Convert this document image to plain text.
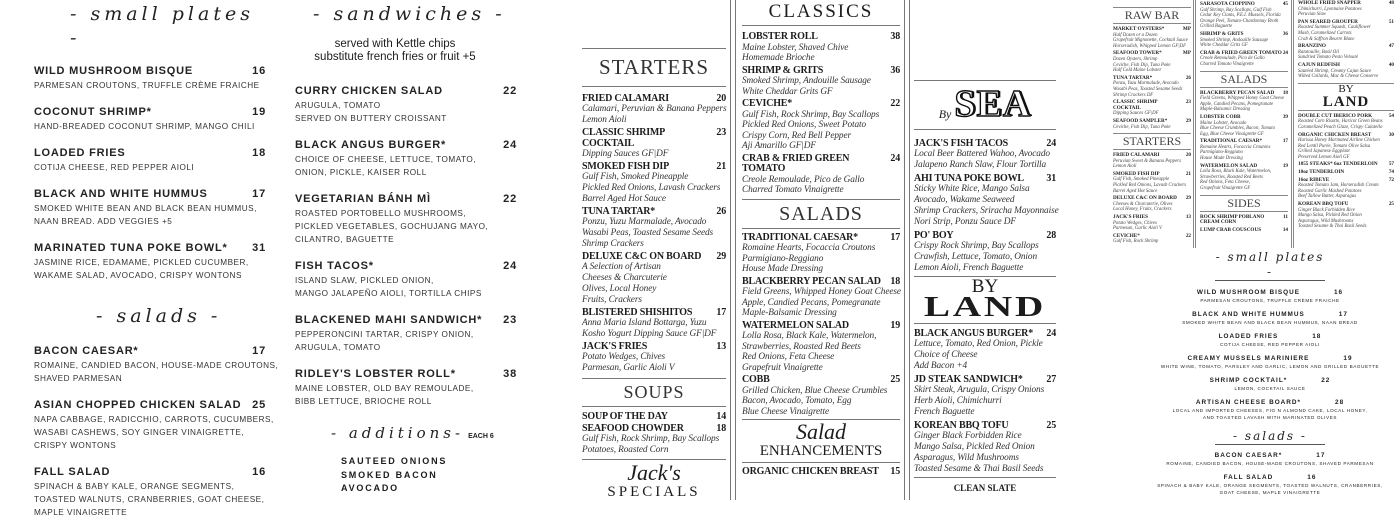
- small plates -
WILD MUSHROOM BISQUE	16
PARMESAN CROUTONS, TRUFFLE CRÈME FRAICHE
COCONUT SHRIMP*	19
HAND-BREADED COCONUT SHRIMP, MANGO CHILI
LOADED FRIES	18
COTIJA CHEESE, RED PEPPER AIOLI
BLACK AND WHITE HUMMUS	17
SMOKED WHITE BEAN AND BLACK BEAN HUMMUS,
NAAN BREAD. ADD VEGGIES +5
MARINATED TUNA POKE BOWL* 31
JASMINE RICE, EDAMAME, PICKLED CUCUMBER,
WAKAME SALAD, AVOCADO, CRISPY WONTONS
- salads -
BACON CAESAR*	17
ROMAINE, CANDIED BACON, HOUSE-MADE CROUTONS,
SHAVED PARMESAN
ASIAN CHOPPED CHICKEN SALAD 25
NAPA CABBAGE, RADICCHIO, CARROTS, CUCUMBERS,
WASABI CASHEWS, SOY GINGER VINAIGRETTE,
CRISPY WONTONS
FALL SALAD	16
SPINACH & BABY KALE, ORANGE SEGMENTS,
TOASTED WALNUTS, CRANBERRIES, GOAT CHEESE,
MAPLE VINAIGRETTE
- sandwiches -
served with Kettle chips
substitute french fries or fruit +5
CURRY CHICKEN SALAD	22
ARUGULA, TOMATO
SERVED ON BUTTERY CROISSANT
BLACK ANGUS BURGER*	24
CHOICE OF CHEESE, LETTUCE, TOMATO,
ONION, PICKLE, KAISER ROLL
VEGETARIAN BÁNH MÌ	22
ROASTED PORTOBELLO MUSHROOMS,
PICKLED VEGETABLES, GOCHUJANG MAYO,
CILANTRO, BAGUETTE
FISH TACOS*	24
ISLAND SLAW, PICKLED ONION,
MANGO JALAPEÑO AIOLI, TORTILLA CHIPS
BLACKENED MAHI SANDWICH* 23
PEPPERONCINI TARTAR, CRISPY ONION,
ARUGULA, TOMATO
RIDLEY'S LOBSTER ROLL*	38
MAINE LOBSTER, OLD BAY REMOULADE,
BIBB LETTUCE, BRIOCHE ROLL
- additions- EACH 6
SAUTEED ONIONS
SMOKED BACON
AVOCADO
STARTERS
FRIED CALAMARI	20
Calamari, Peruvian & Banana Peppers
Lemon Aioli
CLASSIC SHRIMP COCKTAIL
23
Dipping Sauces GF|DF
SMOKED FISH DIP	21
Gulf Fish, Smoked Pineapple
Pickled Red Onions, Lavash Crackers
Barrel Aged Hot Sauce
TUNA TARTAR*	26
Ponzu, Yuzu Marmalade, Avocado
Wasabi Peas, Toasted Sesame Seeds
Shrimp Crackers
DELUXE C&C ON BOARD 29
A Selection of Artisan
Cheeses & Charcuterie
Olives, Local Honey
Fruits, Crackers
BLISTERED SHISHITOS 17
Anna Maria Island Bottarga, Yuzu
Kosho Yogurt Dipping Sauce GF|DF
JACK'S FRIES	13
Potato Wedges, Chives
Parmesan, Garlic Aioli V
SOUPS
SOUP OF THE DAY	14
SEAFOOD CHOWDER	18
Gulf Fish, Rock Shrimp, Bay Scallops
Potatoes, Roasted Corn
Jack's
SPECIALS
CLASSICS
LOBSTER ROLL	38
Maine Lobster, Shaved Chive
Homemade Brioche
SHRIMP & GRITS	36
Smoked Shrimp, Andouille Sausage
White Cheddar Grits GF
CEVICHE*	22
Gulf Fish, Rock Shrimp, Bay Scallops
Pickled Red Onions, Sweet Potato
Crispy Corn, Red Bell Pepper
Aji Amarillo GF|DF
CRAB & FRIED GREEN TOMATO
24
Creole Remoulade, Pico de Gallo
Charred Tomato Vinaigrette
SALADS
TRADITIONAL CAESAR*	17
Romaine Hearts, Focaccia Croutons
Parmigiano-Reggiano
House Made Dressing
BLACKBERRY PECAN SALAD 18
Field Greens, Whipped Honey Goat Cheese
Apple, Candied Pecans, Pomegranate
Maple-Balsamic Dressing
WATERMELON SALAD	19
Lolla Rosa, Black Kale, Watermelon,
Strawberries, Roasted Red Beets
Red Onions, Feta Cheese
Grapefruit Vinaigrette
COBB	25
Grilled Chicken, Blue Cheese Crumbles
Bacon, Avocado, Tomato, Egg
Blue Cheese Vinaigrette
Salad
ENHANCEMENTS
ORGANIC CHICKEN BREAST 15
By SEA
JACK'S FISH TACOS	24
Local Beer Battered Wahoo, Avocado
Jalapeno Ranch Slaw, Flour Tortilla
AHI TUNA POKE BOWL 31
Sticky White Rice, Mango Salsa
Avocado, Wakame Seaweed
Shrimp Crackers, Sriracha Mayonnaise
Nori Strip, Ponzu Sauce DF
PO' BOY	28
Crispy Rock Shrimp, Bay Scallops
Crawfish, Lettuce, Tomato, Onion
Lemon Aioli, French Baguette
BY
LAND
BLACK ANGUS BURGER* 24
Lettuce, Tomato, Red Onion, Pickle
Choice of Cheese
Add Bacon +4
JD STEAK SANDWICH* 27
Skirt Steak, Arugula, Crispy Onions
Herb Aioli, Chimichurri
French Baguette
KOREAN BBQ TOFU	25
Ginger Black Forbidden Rice
Mango Salsa, Pickled Red Onion
Asparagus, Wild Mushrooms
Toasted Sesame & Thai Basil Seeds
CLEAN SLATE
RAW BAR
MARKET OYSTERS*	MP
Half Dozen or a Dozen
Grapefruit Mignonette, Cocktail Sauce
Horseradish, Whipped Lemon GF|DF
SEAFOOD TOWER*	MP
Dozen Oysters, Shrimp
Ceviche, Fish Dip, Tuna Poke
Half Cold Maine Lobster
TUNA TARTAR*	26
Ponzu, Yuzu Marmalade, Avocado
Wasabi Peas, Toasted Sesame Seeds
Shrimp Crackers DF
CLASSIC SHRIMP COCKTAIL
23
Dipping Sauces GF|DF
SEAFOOD SAMPLER*	29
Ceviche, Fish Dip, Tuna Poke
STARTERS
FRIED CALAMARI	20
Peruvian Sweet & Banana Peppers
Lemon Aioli
SMOKED FISH DIP	21
Gulf Fish, Smoked Pineapple
Pickled Red Onions, Lavash Crackers
Barrel Aged Hot Sauce
DELUXE C&C ON BOARD 29
Cheeses & Charcuterie, Olives
Local Honey, Fruits, Crackers
JACK'S FRIES	13
Potato Wedges, Chives
Parmesan, Garlic Aioli V
CEVICHE*	22
Gulf Fish, Rock Shrimp
SARASOTA CIOPPINO	45
Gulf Shrimp, Bay Scallops, Gulf Fish
Cedar Key Clams, P.E.I. Mussels, Florida
Orange Peel, Tomato-Chardonnay Broth
Grilled Baguette
SHRIMP & GRITS	36
Smoked Shrimp, Andouille Sausage
White Cheddar Grits GF
CRAB & FRIED GREEN TOMATO 24
Creole Remoulade, Pico de Gallo
Charred Tomato Vinaigrette
SALADS
BLACKBERRY PECAN SALAD 18
Field Greens, Whipped Honey Goat Cheese
Apple, Candied Pecans, Pomegranate
Maple-Balsamic Dressing
LOBSTER COBB	39
Maine Lobster, Avocado
Blue Cheese Crumbles, Bacon, Tomato
Egg, Blue Cheese Vinaigrette GF
TRADITIONAL CAESAR*	17
Romaine Hearts, Focaccia Croutons
Parmigiano-Reggiano
House Made Dressing
WATERMELON SALAD	19
Lolla Rosa, Black Kale, Watermelon,
Strawberries, Roasted Red Beets
Red Onions, Feta Cheese,
Grapefruit Vinaigrette GF
SIDES
ROCK SHRIMP POBLANO CREAM CORN
11
LUMP CRAB COUSCOUS	14
WHOLE FRIED SNAPPER	48
Chimichurri, Lyonnaise Potatoes
Peruvian Slaw
PAN SEARED GROUPER	51
Roasted Summer Squash, Cauliflower
Mash, Caramelized Carrots
Crab & Saffron Beurre Blanc
BRANZINO	47
Ratatouille, Basil Oil
Sundried Tomato Pesto Velouté
CAJUN REDFISH	40
Sautéed Shrimp, Creamy Cajun Sauce
Wilted Collards, Mac & Cheese Conserve
BY
LAND
DOUBLE CUT IBERICO PORK	54
Roasted Corn Risotto, Haricot Green Beans
Caramelized Peach Glaze, Crispy Culatello
ORGANIC CHICKEN BREAST	30
Harissa Honey Marinated Airline Chicken
Red Lentil Purée, Tomato Olive Salsa
Grilled Japanese Eggplant
Preserved Lemon Aioli GF
1855 STEAKS* 6oz TENDERLOIN 57
10oz TENDERLOIN	74
16oz RIBEYE	72
Roasted Tomato Jam, Horseradish Cream
Roasted Garlic Mashed Potatoes
Beef Tallow Butter, Asparagus
KOREAN BBQ TOFU	25
Ginger Black Forbidden Rice
Mango Salsa, Pickled Red Onion
Asparagus, Wild Mushrooms
Toasted Sesame & Thai Basil Seeds
- small plates -
WILD MUSHROOM BISQUE	16
PARMESAN CROUTONS, TRUFFLE CRÈME FRAICHE
BLACK AND WHITE HUMMUS	17
SMOKED WHITE BEAN AND BLACK BEAN HUMMUS, NAAN BREAD
LOADED FRIES	18
COTIJA CHEESE, RED PEPPER AIOLI
CREAMY MUSSELS MARINIERE	19
WHITE WINE, TOMATO, PARSLEY AND GARLIC, LEMON AND GRILLED BAGUETTE
SHRIMP COCKTAIL*	22
LEMON, COCKTAIL SAUCE
ARTISAN CHEESE BOARD*	28
LOCAL AND IMPORTED CHEESES, FIG N ALMOND CAKE, LOCAL HONEY,
AND TOASTED LAVASH WITH MARINATED OLIVES
- salads -
BACON CAESAR*	17
ROMAINE, CANDIED BACON, HOUSE-MADE CROUTONS, SHAVED PARMESAN
FALL SALAD	16
SPINACH & BABY KALE, ORANGE SEGMENTS, TOASTED WALNUTS, CRANBERRIES,
GOAT CHEESE, MAPLE VINAIGRETTE
